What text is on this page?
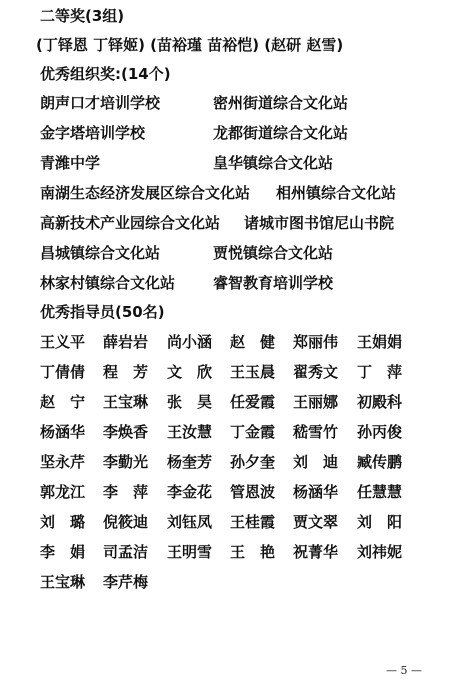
二等奖(3组)
(丁铎恩 丁铎姬) (苗裕瑾 苗裕恺) (赵研 赵雪)
优秀组织奖:(14个)
朗声口才培训学校	密州街道综合文化站
金字塔培训学校	龙都街道综合文化站
青潍中学	皇华镇综合文化站
南湖生态经济发展区综合文化站 相州镇综合文化站
高新技术产业园综合文化站 诸城市图书馆尼山书院
昌城镇综合文化站	贾悦镇综合文化站
林家村镇综合文化站	睿智教育培训学校
优秀指导员(50名)
王义平 薛岩岩 尚小涵 赵　健 郑丽伟 王娟娟
丁倩倩 程　芳 文　欣 王玉晨 翟秀文 丁　萍
赵　宁 王宝琳 张　昊 任爱霞 王丽娜 初殿科
杨涵华 李焕香 王汝慧 丁金霞 嵇雪竹 孙丙俊
坚永芹 李勤光 杨奎芳 孙夕奎 刘　迪 臧传鹏
郭龙江 李　萍 李金花 管恩波 杨涵华 任慧慧
刘　璐 倪筱迪 刘钰凤 王桂霞 贾文翠 刘　阳
李　娟 司孟洁 王明雪 王　艳 祝菁华 刘祎妮
王宝琳 李芹梅
— 5 —
